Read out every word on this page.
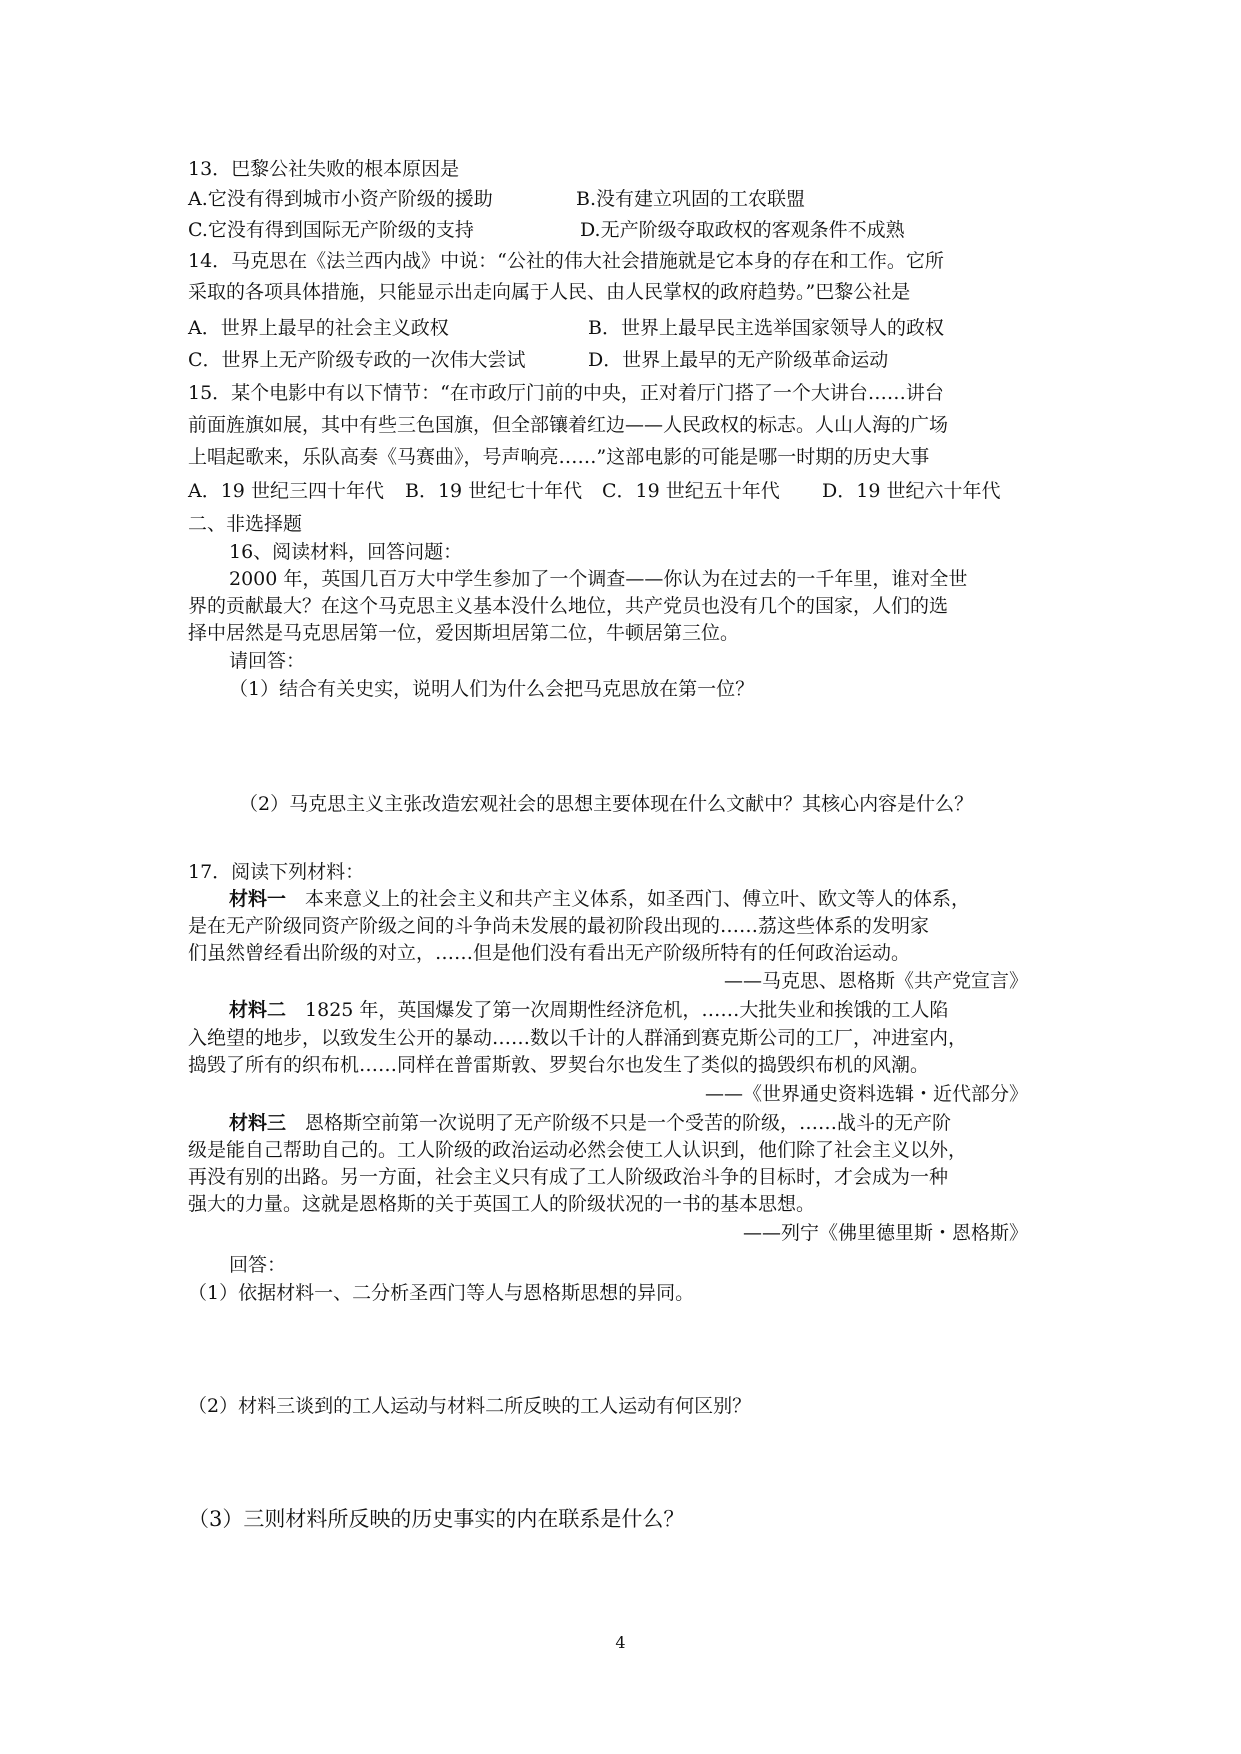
13．巴黎公社失败的根本原因是
A.它没有得到城市小资产阶级的援助	B.没有建立巩固的工农联盟
C.它没有得到国际无产阶级的支持	D.无产阶级夺取政权的客观条件不成熟
14．马克思在《法兰西内战》中说：“公社的伟大社会措施就是它本身的存在和工作。它所
采取的各项具体措施，只能显示出走向属于人民、由人民掌权的政府趋势。”巴黎公社是
A．世界上最早的社会主义政权	B．世界上最早民主选举国家领导人的政权
C．世界上无产阶级专政的一次伟大尝试	D．世界上最早的无产阶级革命运动
15．某个电影中有以下情节：“在市政厅门前的中央，正对着厅门搭了一个大讲台……讲台
前面旌旗如展，其中有些三色国旗，但全部镶着红边——人民政权的标志。人山人海的广场
上唱起歌来，乐队高奏《马赛曲》，号声响亮……”这部电影的可能是哪一时期的历史大事
A．19 世纪三四十年代 B．19 世纪七十年代 C．19 世纪五十年代 D．19 世纪六十年代
二、非选择题
16、阅读材料，回答问题：
2000 年，英国几百万大中学生参加了一个调查——你认为在过去的一千年里，谁对全世
界的贡献最大？在这个马克思主义基本没什么地位，共产党员也没有几个的国家，人们的选
择中居然是马克思居第一位，爱因斯坦居第二位，牛顿居第三位。
请回答：
（1）结合有关史实，说明人们为什么会把马克思放在第一位？
（2）马克思主义主张改造宏观社会的思想主要体现在什么文献中？其核心内容是什么？
17．阅读下列材料：
材料一　本来意义上的社会主义和共产主义体系，如圣西门、傅立叶、欧文等人的体系，
是在无产阶级同资产阶级之间的斗争尚未发展的最初阶段出现的……茘这些体系的发明家
们虽然曾经看出阶级的对立，……但是他们没有看出无产阶级所特有的任何政治运动。
——马克思、恩格斯《共产党宣言》
材料二　1825 年，英国爆发了第一次周期性经济危机，……大批失业和挨饿的工人陷
入绝望的地步，以致发生公开的暴动……数以千计的人群涌到赛克斯公司的工厂，冲进室内，
捣毁了所有的织布机……同样在普雷斯敦、罗契台尔也发生了类似的捣毁织布机的风潮。
——《世界通史资料选辑・近代部分》
材料三　恩格斯空前第一次说明了无产阶级不只是一个受苦的阶级，……战斗的无产阶
级是能自己帮助自己的。工人阶级的政治运动必然会使工人认识到，他们除了社会主义以外，
再没有别的出路。另一方面，社会主义只有成了工人阶级政治斗争的目标时，才会成为一种
强大的力量。这就是恩格斯的关于英国工人的阶级状况的一书的基本思想。
——列宁《佛里德里斯・恩格斯》
回答：
（1）依据材料一、二分析圣西门等人与恩格斯思想的异同。
（2）材料三谈到的工人运动与材料二所反映的工人运动有何区别？
（3）三则材料所反映的历史事实的内在联系是什么？
4
